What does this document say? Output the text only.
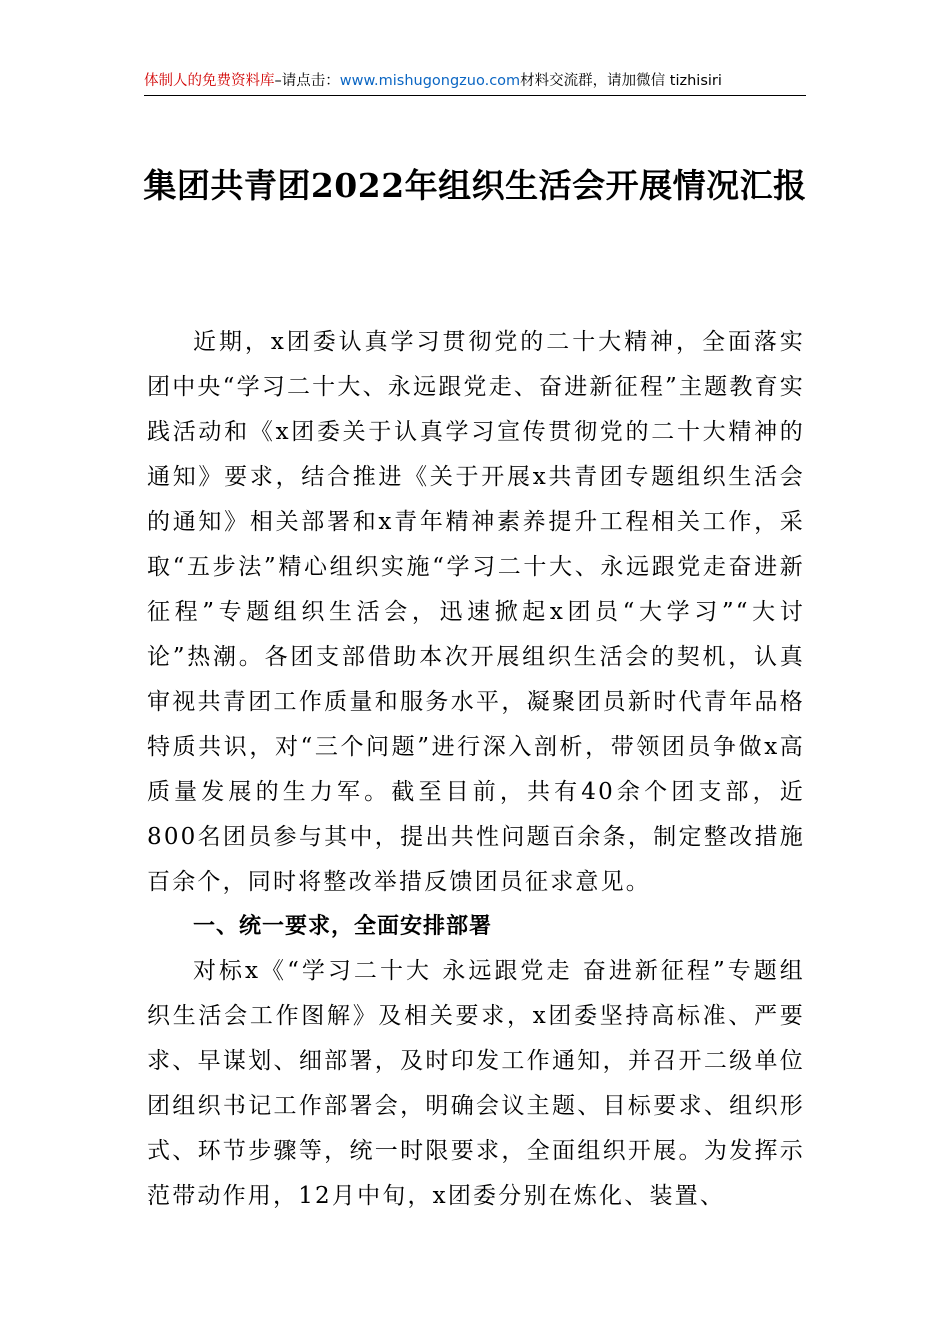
体制人的免费资料库–请点击：www.mishugongzuo.com材料交流群，请加微信 tizhisiri
集团共青团2022年组织生活会开展情况汇报

近期，x团委认真学习贯彻党的二十大精神，全面落实团中央“学习二十大、永远跟党走、奋进新征程”主题教育实践活动和《x团委关于认真学习宣传贯彻党的二十大精神的通知》要求，结合推进《关于开展x共青团专题组织生活会的通知》相关部署和x青年精神素养提升工程相关工作，采取“五步法”精心组织实施“学习二十大、永远跟党走奋进新征程”专题组织生活会，迅速掀起x团员“大学习”“大讨论”热潮。各团支部借助本次开展组织生活会的契机，认真审视共青团工作质量和服务水平，凝聚团员新时代青年品格特质共识，对“三个问题”进行深入剖析，带领团员争做x高质量发展的生力军。截至目前，共有40余个团支部，近800名团员参与其中，提出共性问题百余条，制定整改措施百余个，同时将整改举措反馈团员征求意见。

一、统一要求，全面安排部署

对标x《“学习二十大 永远跟党走 奋进新征程”专题组织生活会工作图解》及相关要求，x团委坚持高标准、严要求、早谋划、细部署，及时印发工作通知，并召开二级单位团组织书记工作部署会，明确会议主题、目标要求、组织形式、环节步骤等，统一时限要求，全面组织开展。为发挥示范带动作用，12月中旬，x团委分别在炼化、装置、
